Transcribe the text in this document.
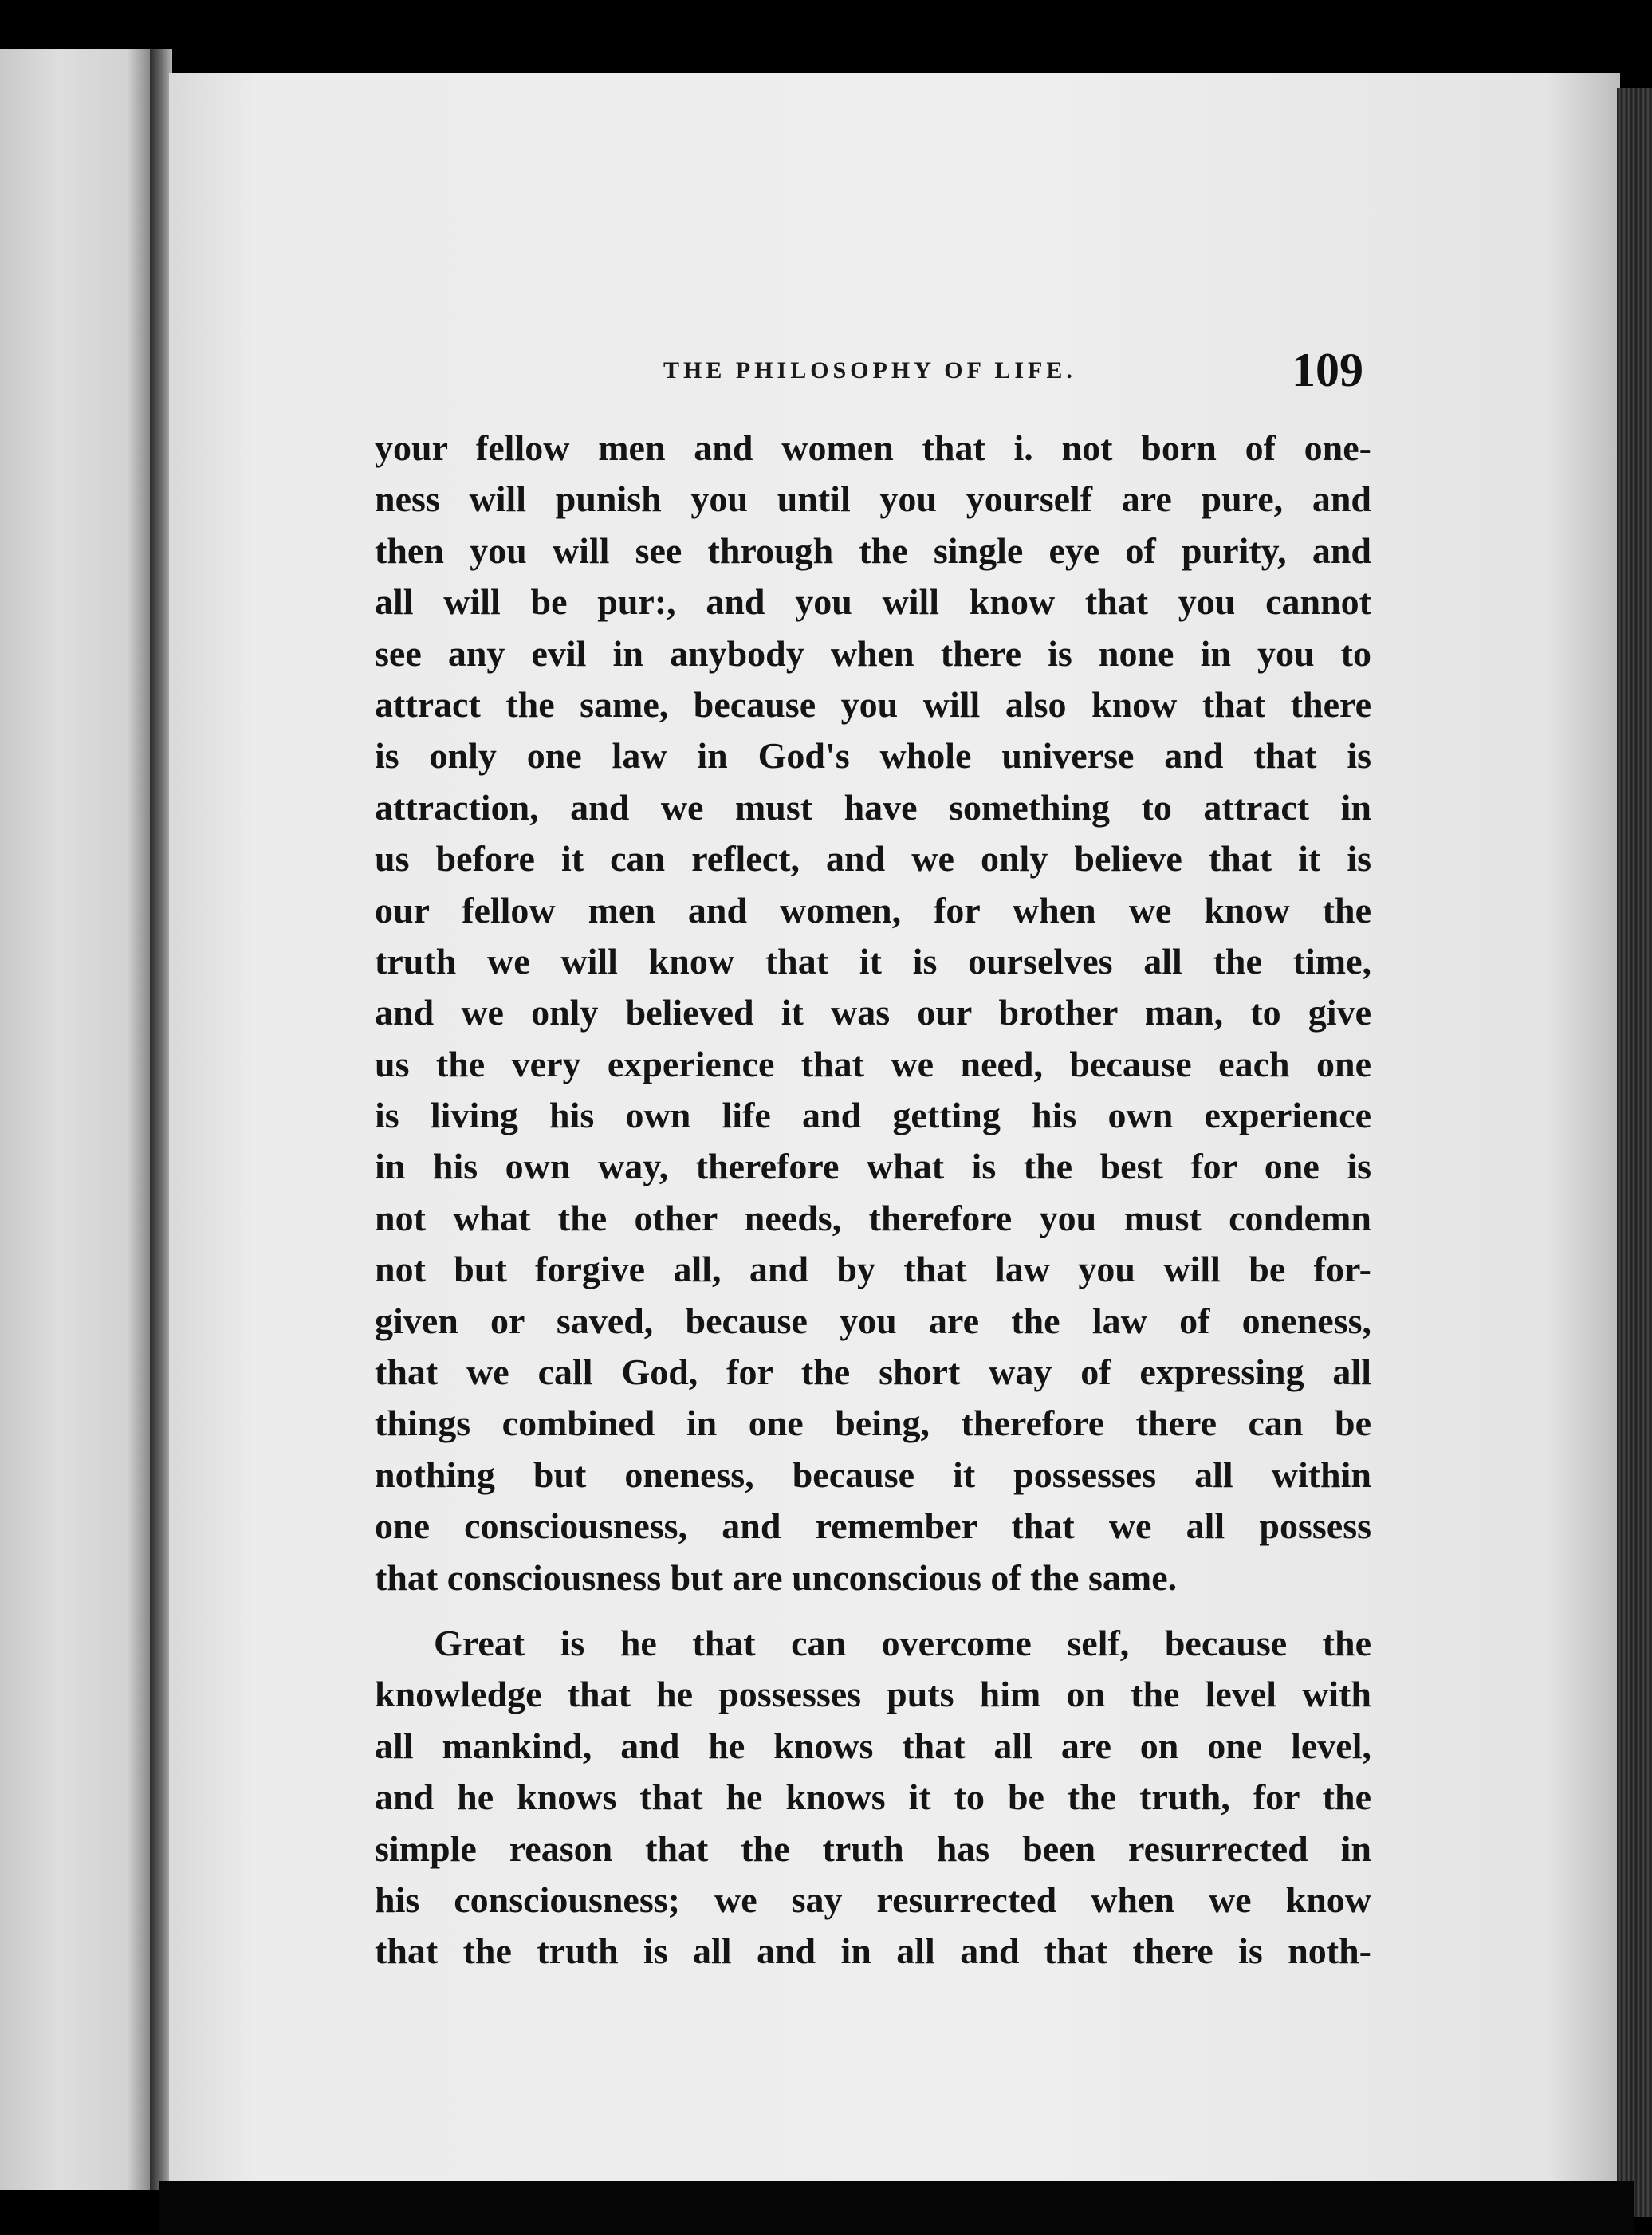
THE PHILOSOPHY OF LIFE.	109
your fellow men and women that i. not born of one-
ness will punish you until you yourself are pure, and
then you will see through the single eye of purity, and
all will be pur:, and you will know that you cannot
see any evil in anybody when there is none in you to
attract the same, because you will also know that there
is only one law in God's whole universe and that is
attraction, and we must have something to attract in
us before it can reflect, and we only believe that it is
our fellow men and women, for when we know the
truth we will know that it is ourselves all the time,
and we only believed it was our brother man, to give
us the very experience that we need, because each one
is living his own life and getting his own experience
in his own way, therefore what is the best for one is
not what the other needs, therefore you must condemn
not but forgive all, and by that law you will be for-
given or saved, because you are the law of oneness,
that we call God, for the short way of expressing all
things combined in one being, therefore there can be
nothing but oneness, because it possesses all within
one consciousness, and remember that we all possess
that consciousness but are unconscious of the same.
Great is he that can overcome self, because the
knowledge that he possesses puts him on the level with
all mankind, and he knows that all are on one level,
and he knows that he knows it to be the truth, for the
simple reason that the truth has been resurrected in
his consciousness; we say resurrected when we know
that the truth is all and in all and that there is noth-
